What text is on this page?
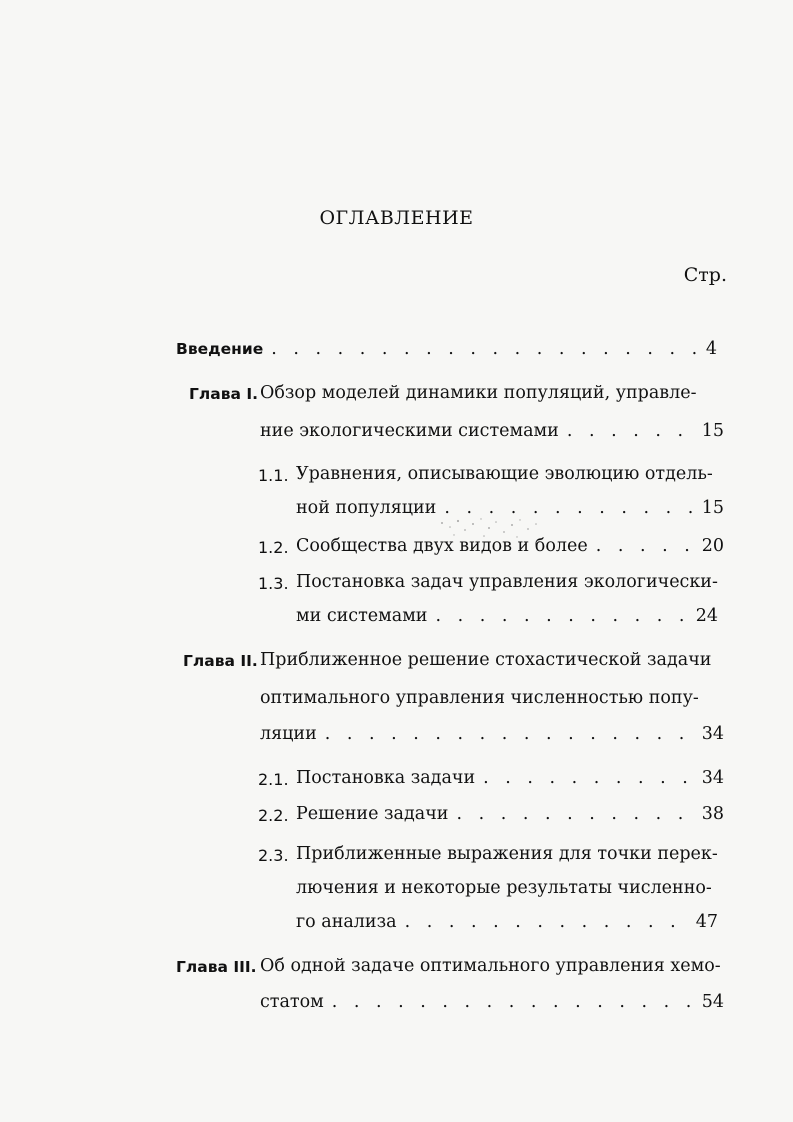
ОГЛАВЛЕНИЕ
Стр.
Введение . . .	4
Глава I. Обзор моделей динамики популяций, управле-
ние экологическими системами . . .	15
1.1. Уравнения, описывающие эволюцию отдель-
ной популяции . . .	15
1.2. Сообщества двух видов и более . . .	20
1.3. Постановка задач управления экологически-
ми системами . . .	24
Глава II. Приближенное решение стохастической задачи
оптимального управления численностью попу-
ляции . . .	34
2.1. Постановка задачи . . .	34
2.2. Решение задачи . . .	38
2.3. Приближенные выражения для точки перек-
лючения и некоторые результаты численно-
го анализа . . .	47
Глава III. Об одной задаче оптимального управления хемо-
статом . . .	54
